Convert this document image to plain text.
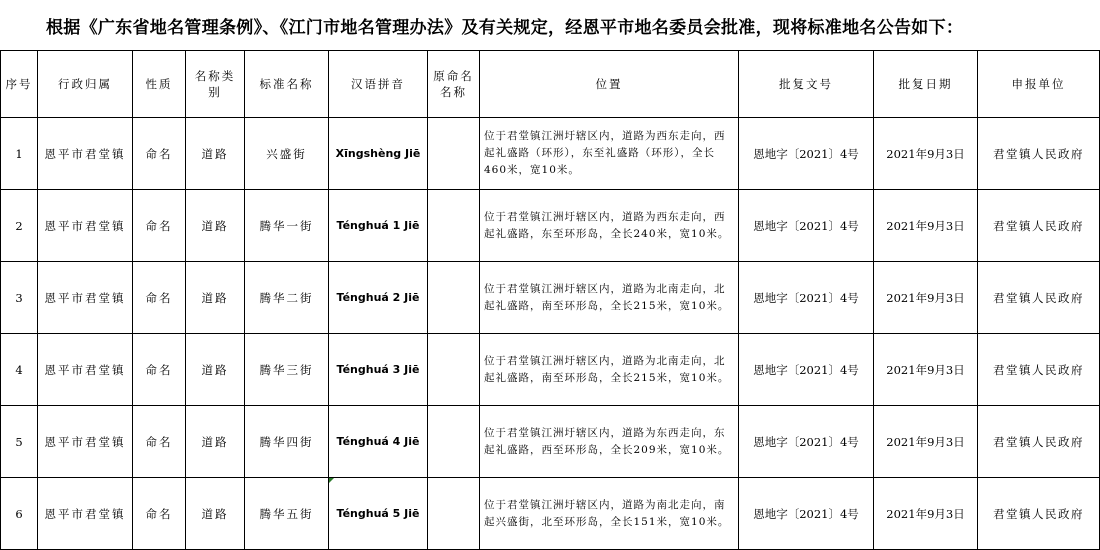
根据《广东省地名管理条例》、《江门市地名管理办法》及有关规定，经恩平市地名委员会批准，现将标准地名公告如下：
序号	行政归属	性质	名称类别	标准名称	汉语拼音	原命名名称	位置	批复文号	批复日期	申报单位
1	恩平市君堂镇	命名	道路	兴盛街	Xīngshèng Jiē		位于君堂镇江洲圩辖区内，道路为西东走向，西起礼盛路（环形），东至礼盛路（环形），全长460米，宽10米。	恩地字〔2021〕4号	2021年9月3日	君堂镇人民政府
2	恩平市君堂镇	命名	道路	腾华一街	Ténghuá 1 Jiē		位于君堂镇江洲圩辖区内，道路为西东走向，西起礼盛路，东至环形岛，全长240米，宽10米。	恩地字〔2021〕4号	2021年9月3日	君堂镇人民政府
3	恩平市君堂镇	命名	道路	腾华二街	Ténghuá 2 Jiē		位于君堂镇江洲圩辖区内，道路为北南走向，北起礼盛路，南至环形岛，全长215米，宽10米。	恩地字〔2021〕4号	2021年9月3日	君堂镇人民政府
4	恩平市君堂镇	命名	道路	腾华三街	Ténghuá 3 Jiē		位于君堂镇江洲圩辖区内，道路为北南走向，北起礼盛路，南至环形岛，全长215米，宽10米。	恩地字〔2021〕4号	2021年9月3日	君堂镇人民政府
5	恩平市君堂镇	命名	道路	腾华四街	Ténghuá 4 Jiē		位于君堂镇江洲圩辖区内，道路为东西走向，东起礼盛路，西至环形岛，全长209米，宽10米。	恩地字〔2021〕4号	2021年9月3日	君堂镇人民政府
6	恩平市君堂镇	命名	道路	腾华五街	Ténghuá 5 Jiē		位于君堂镇江洲圩辖区内，道路为南北走向，南起兴盛街，北至环形岛，全长151米，宽10米。	恩地字〔2021〕4号	2021年9月3日	君堂镇人民政府
